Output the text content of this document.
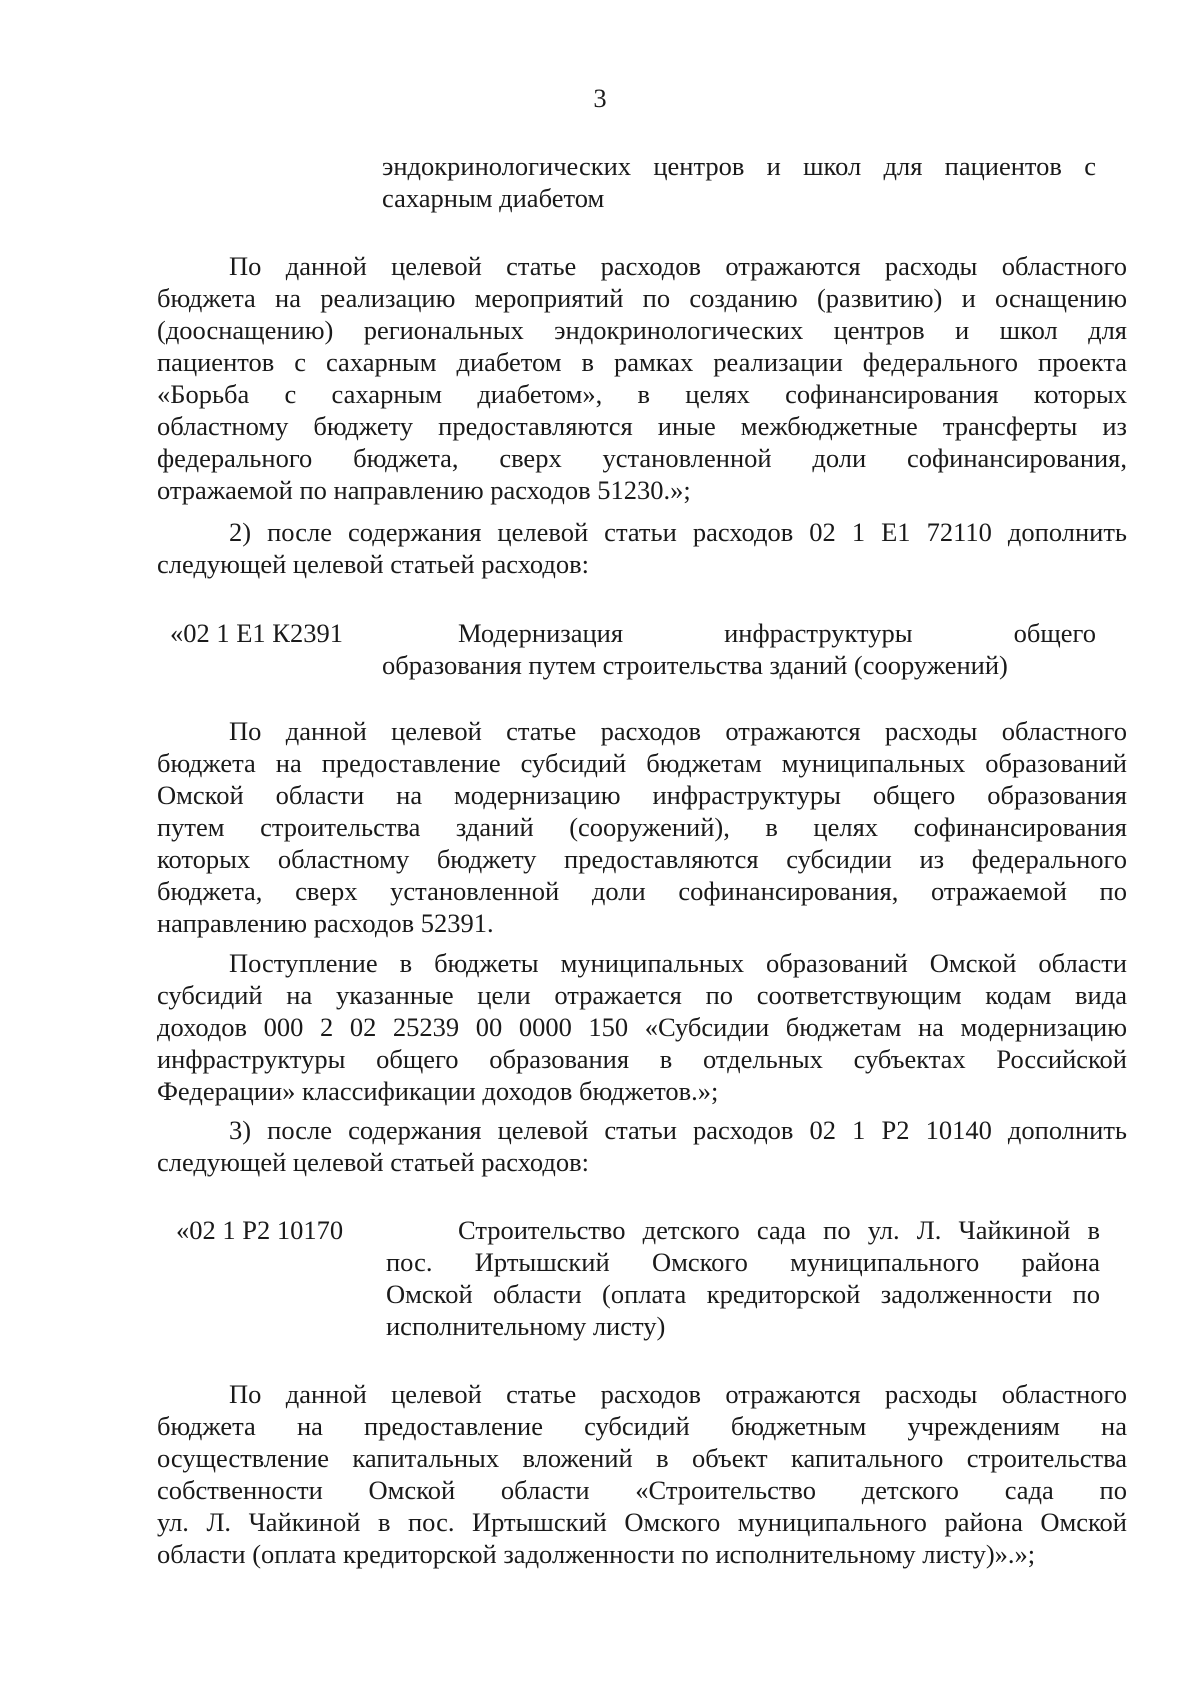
3

эндокринологических центров и школ для пациентов с

сахарным диабетом

По данной целевой статье расходов отражаются расходы областного

бюджета на реализацию мероприятий по созданию (развитию) и оснащению

(дооснащению) региональных эндокринологических центров и школ для

пациентов с сахарным диабетом в рамках реализации федерального проекта

«Борьба с сахарным диабетом», в целях софинансирования которых

областному бюджету предоставляются иные межбюджетные трансферты из

федерального бюджета, сверх установленной доли софинансирования,

отражаемой по направлению расходов 51230.»;

2) после содержания целевой статьи расходов 02 1 Е1 72110 дополнить

следующей целевой статьей расходов:

«02 1 Е1 К2391	Модернизация инфраструктуры общего

образования путем строительства зданий (сооружений)

По данной целевой статье расходов отражаются расходы областного

бюджета на предоставление субсидий бюджетам муниципальных образований

Омской области на модернизацию инфраструктуры общего образования

путем строительства зданий (сооружений), в целях софинансирования

которых областному бюджету предоставляются субсидии из федерального

бюджета, сверх установленной доли софинансирования, отражаемой по

направлению расходов 52391.

Поступление в бюджеты муниципальных образований Омской области

субсидий на указанные цели отражается по соответствующим кодам вида

доходов 000 2 02 25239 00 0000 150 «Субсидии бюджетам на модернизацию

инфраструктуры общего образования в отдельных субъектах Российской

Федерации» классификации доходов бюджетов.»;

3) после содержания целевой статьи расходов 02 1 Р2 10140 дополнить

следующей целевой статьей расходов:

«02 1 Р2 10170	Строительство детского сада по ул. Л. Чайкиной в

пос. Иртышский Омского муниципального района

Омской области (оплата кредиторской задолженности по

исполнительному листу)

По данной целевой статье расходов отражаются расходы областного

бюджета на предоставление субсидий бюджетным учреждениям на

осуществление капитальных вложений в объект капитального строительства

собственности Омской области «Строительство детского сада по

ул. Л. Чайкиной в пос. Иртышский Омского муниципального района Омской

области (оплата кредиторской задолженности по исполнительному листу)».»;
